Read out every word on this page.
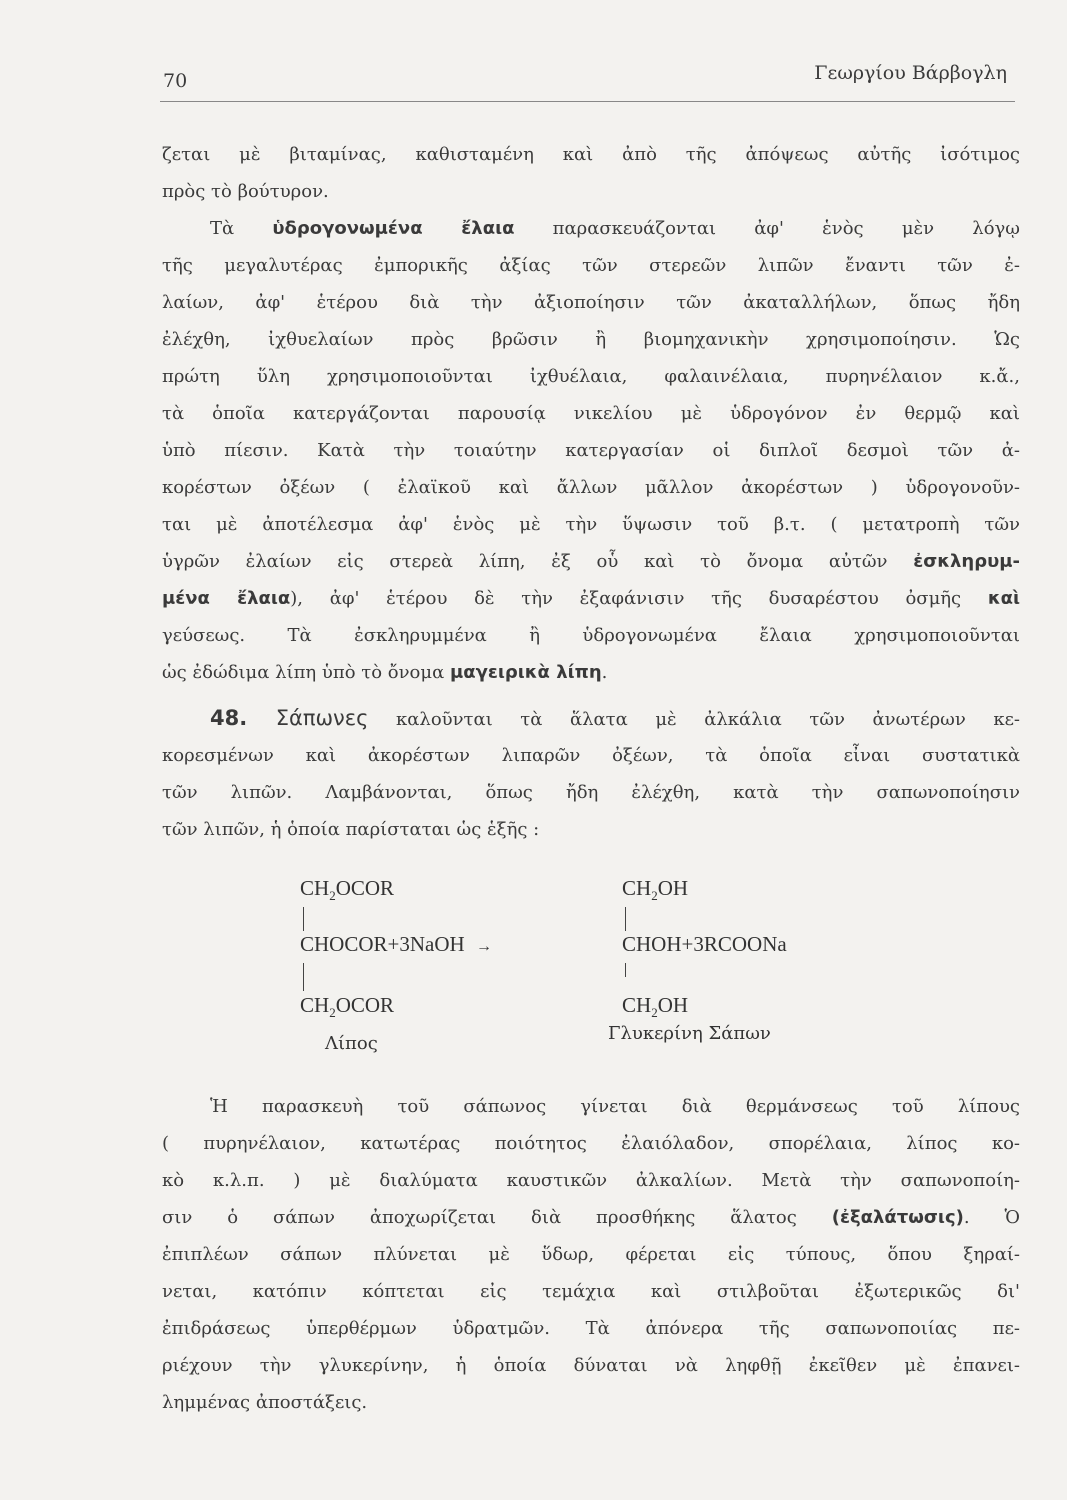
70	Γεωργίου Βάρβογλη
ζεται μὲ βιταμίνας, καθισταμένη καὶ ἀπὸ τῆς ἀπόψεως αὐτῆς ἰσότιμος
πρὸς τὸ βούτυρον.
Τὰ ὑδρογονωμένα ἔλαια παρασκευάζονται ἀφ' ἑνὸς μὲν λόγῳ
τῆς μεγαλυτέρας ἐμπορικῆς ἀξίας τῶν στερεῶν λιπῶν ἔναντι τῶν ἐ-
λαίων, ἀφ' ἑτέρου διὰ τὴν ἀξιοποίησιν τῶν ἀκαταλλήλων, ὅπως ἤδη
ἐλέχθη, ἰχθυελαίων πρὸς βρῶσιν ἢ βιομηχανικὴν χρησιμοποίησιν. Ὡς
πρώτη ὕλη χρησιμοποιοῦνται ἰχθυέλαια, φαλαινέλαια, πυρηνέλαιον κ.ἄ.,
τὰ ὁποῖα κατεργάζονται παρουσίᾳ νικελίου μὲ ὑδρογόνον ἐν θερμῷ καὶ
ὑπὸ πίεσιν. Κατὰ τὴν τοιαύτην κατεργασίαν οἱ διπλοῖ δεσμοὶ τῶν ἀ-
κορέστων ὀξέων ( ἐλαϊκοῦ καὶ ἄλλων μᾶλλον ἀκορέστων ) ὑδρογονοῦν-
ται μὲ ἀποτέλεσμα ἀφ' ἑνὸς μὲ τὴν ὕψωσιν τοῦ β.τ. ( μετατροπὴ τῶν
ὑγρῶν ἐλαίων εἰς στερεὰ λίπη, ἐξ οὗ καὶ τὸ ὄνομα αὐτῶν ἐσκληρυμ-
μένα ἔλαια), ἀφ' ἑτέρου δὲ τὴν ἐξαφάνισιν τῆς δυσαρέστου ὀσμῆς καὶ
γεύσεως. Τὰ ἐσκληρυμμένα ἢ ὑδρογονωμένα ἔλαια χρησιμοποιοῦνται
ὡς ἐδώδιμα λίπη ὑπὸ τὸ ὄνομα μαγειρικὰ λίπη.
48. Σάπωνες καλοῦνται τὰ ἅλατα μὲ ἀλκάλια τῶν ἀνωτέρων κε-
κορεσμένων καὶ ἀκορέστων λιπαρῶν ὀξέων, τὰ ὁποῖα εἶναι συστατικὰ
τῶν λιπῶν. Λαμβάνονται, ὅπως ἤδη ἐλέχθη, κατὰ τὴν σαπωνοποίησιν
τῶν λιπῶν, ἡ ὁποία παρίσταται ὡς ἑξῆς :
$CH_2OCOR$
CHOCOR+3NaOH →
$CH_2OCOR$
Λίπος
$CH_2OH$
CHOH+3RCOONa
$CH_2OH$
Γλυκερίνη Σάπων
Ἡ παρασκευὴ τοῦ σάπωνος γίνεται διὰ θερμάνσεως τοῦ λίπους
( πυρηνέλαιον, κατωτέρας ποιότητος ἐλαιόλαδον, σπορέλαια, λίπος κο-
κὸ κ.λ.π. ) μὲ διαλύματα καυστικῶν ἀλκαλίων. Μετὰ τὴν σαπωνοποίη-
σιν ὁ σάπων ἀποχωρίζεται διὰ προσθήκης ἅλατος (ἐξαλάτωσις). Ὁ
ἐπιπλέων σάπων πλύνεται μὲ ὕδωρ, φέρεται εἰς τύπους, ὅπου ξηραί-
νεται, κατόπιν κόπτεται εἰς τεμάχια καὶ στιλβοῦται ἐξωτερικῶς δι'
ἐπιδράσεως ὑπερθέρμων ὑδρατμῶν. Τὰ ἀπόνερα τῆς σαπωνοποιίας πε-
ριέχουν τὴν γλυκερίνην, ἡ ὁποία δύναται νὰ ληφθῇ ἐκεῖθεν μὲ ἐπανει-
λημμένας ἀποστάξεις.
